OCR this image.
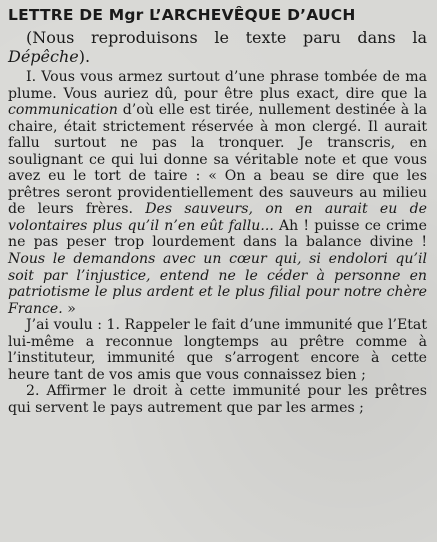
LETTRE DE Mgr L’ARCHEVÊQUE D’AUCH

(Nous reproduisons le texte paru dans la Dépêche).

I. Vous vous armez surtout d’une phrase tombée de ma plume. Vous auriez dû, pour être plus exact, dire que la communication d’où elle est tirée, nullement destinée à la chaire, était strictement réservée à mon clergé. Il aurait fallu surtout ne pas la tronquer. Je transcris, en soulignant ce qui lui donne sa véritable note et que vous avez eu le tort de taire : « On a beau se dire que les prêtres seront providentiellement des sauveurs au milieu de leurs frères. Des sauveurs, on en aurait eu de volontaires plus qu’il n’en eût fallu... Ah ! puisse ce crime ne pas peser trop lourdement dans la balance divine ! Nous le demandons avec un cœur qui, si endolori qu’il soit par l’injustice, entend ne le céder à personne en patriotisme le plus ardent et le plus filial pour notre chère France. »

J’ai voulu : 1. Rappeler le fait d’une immunité que l’Etat lui-même a reconnue longtemps au prêtre comme à l’instituteur, immunité que s’arrogent encore à cette heure tant de vos amis que vous connaissez bien ;

2. Affirmer le droit à cette immunité pour les prêtres qui servent le pays autrement que par les armes ;
